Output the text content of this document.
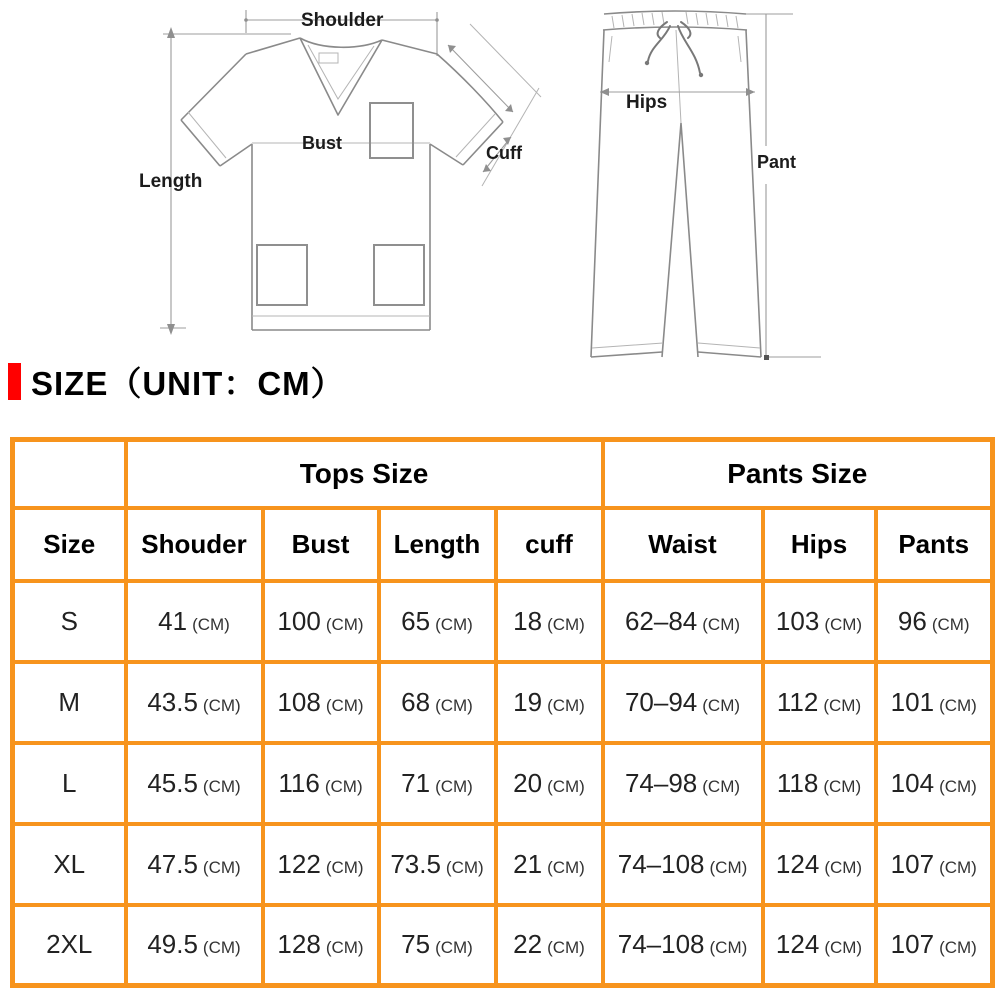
Shoulder
Bust	Cuff
Length
Hips
Pant
SIZE（UNIT：CM）
	Tops Size				Pants Size		
Size	Shouder	Bust	Length	cuff	Waist	Hips	Pants
S	41 (CM)	100 (CM)	65 (CM)	18 (CM)	62–84 (CM)	103 (CM)	96 (CM)
M	43.5 (CM)	108 (CM)	68 (CM)	19 (CM)	70–94 (CM)	112 (CM)	101 (CM)
L	45.5 (CM)	116 (CM)	71 (CM)	20 (CM)	74–98 (CM)	118 (CM)	104 (CM)
XL	47.5 (CM)	122 (CM)	73.5 (CM)	21 (CM)	74–108 (CM)	124 (CM)	107 (CM)
2XL	49.5 (CM)	128 (CM)	75 (CM)	22 (CM)	74–108 (CM)	124 (CM)	107 (CM)
